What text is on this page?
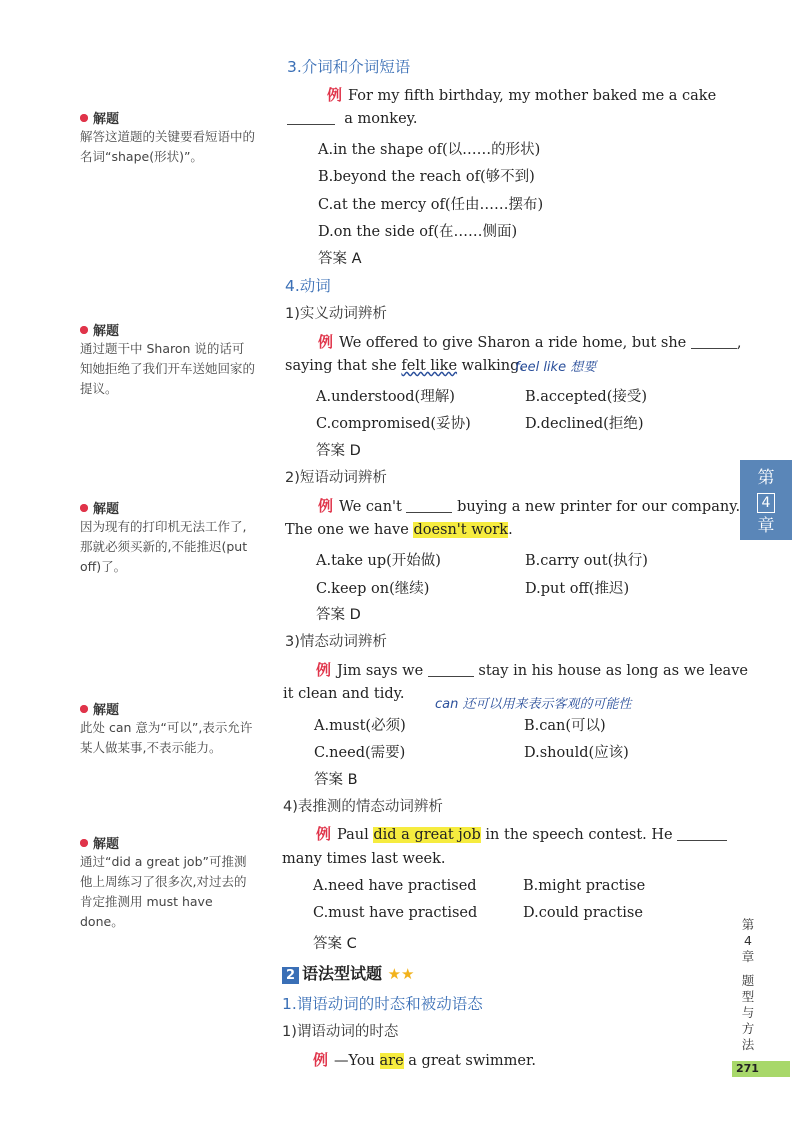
解题
解答这道题的关键要看短语中的名词“shape(形状)”。
解题
通过题干中 Sharon 说的话可知她拒绝了我们开车送她回家的提议。
解题
因为现有的打印机无法工作了,那就必须买新的,不能推迟(put off)了。
解题
此处 can 意为“可以”,表示允许某人做某事,不表示能力。
解题
通过“did a great job”可推测他上周练习了很多次,对过去的肯定推测用 must have done。
3.介词和介词短语
例 For my fifth birthday, my mother baked me a cake
a monkey.
A.in the shape of(以……的形状)
B.beyond the reach of(够不到)
C.at the mercy of(任由……摆布)
D.on the side of(在……侧面)
答案 A
4.动词
1)实义动词辨析
例 We offered to give Sharon a ride home, but she	,
saying that she felt like walking.
feel like 想要
A.understood(理解)	B.accepted(接受)
C.compromised(妥协)	D.declined(拒绝)
答案 D
2)短语动词辨析
例 We can't	buying a new printer for our company.
The one we have doesn't work.
A.take up(开始做)	B.carry out(执行)
C.keep on(继续)	D.put off(推迟)
答案 D
3)情态动词辨析
例 Jim says we	stay in his house as long as we leave
it clean and tidy.
can 还可以用来表示客观的可能性
A.must(必须)	B.can(可以)
C.need(需要)	D.should(应该)
答案 B
4)表推测的情态动词辨析
例 Paul did a great job in the speech contest. He
many times last week.
A.need have practised	B.might practise
C.must have practised	D.could practise
答案 C
2 语法型试题 ★★
1.谓语动词的时态和被动语态
1)谓语动词的时态
例 —You are a great swimmer.
第
4
章
第
4
章
题
型
与
方
法
271
